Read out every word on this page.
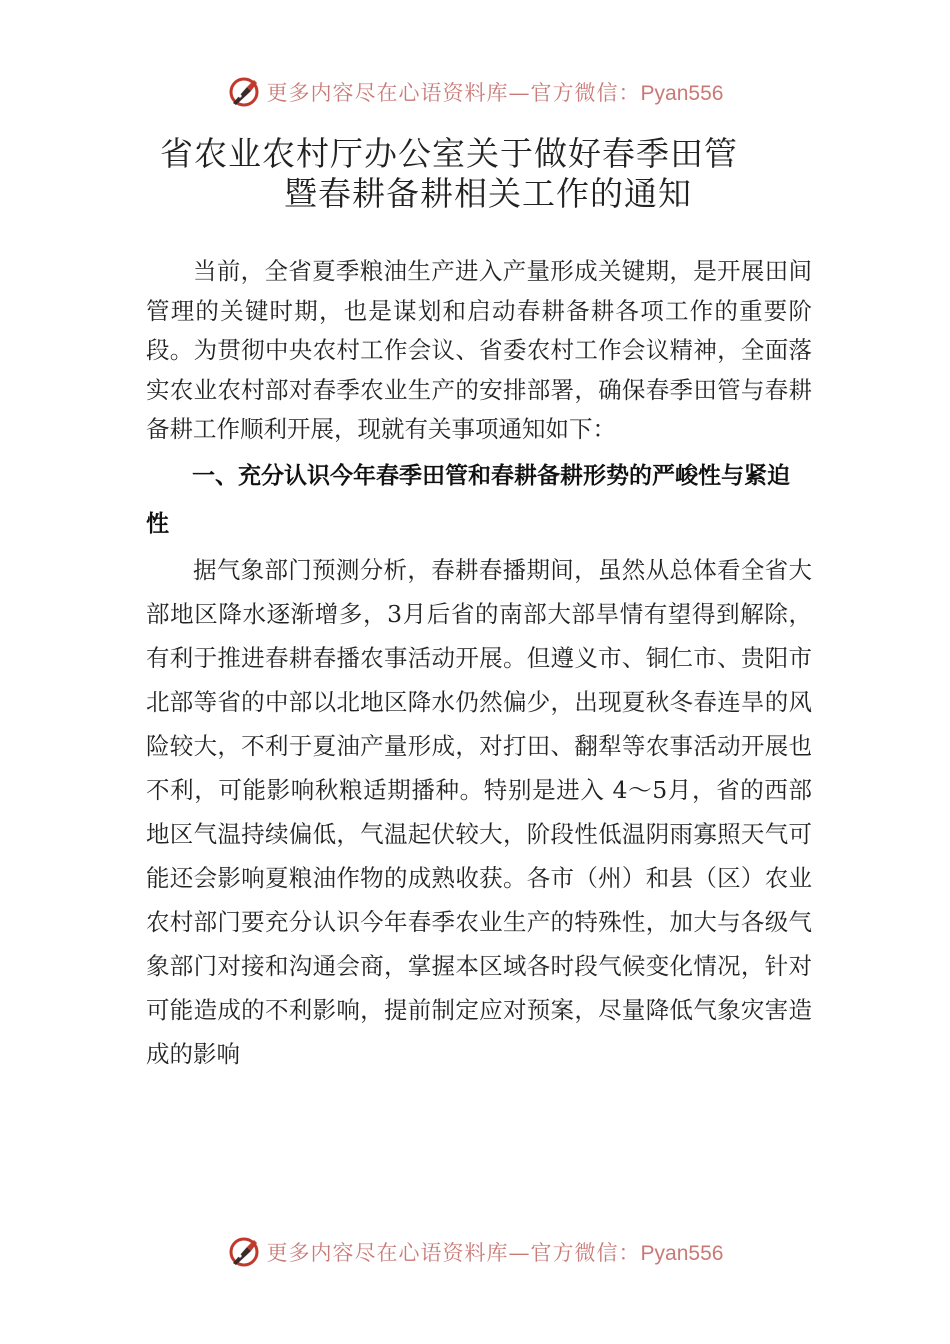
更多内容尽在心语资料库—官方微信：Pyan556
省农业农村厅办公室关于做好春季田管
暨春耕备耕相关工作的通知

当前，全省夏季粮油生产进入产量形成关键期，是开展田间管理的关键时期，也是谋划和启动春耕备耕各项工作的重要阶段。为贯彻中央农村工作会议、省委农村工作会议精神，全面落实农业农村部对春季农业生产的安排部署，确保春季田管与春耕备耕工作顺利开展，现就有关事项通知如下：

一、充分认识今年春季田管和春耕备耕形势的严峻性与紧迫性

据气象部门预测分析，春耕春播期间，虽然从总体看全省大部地区降水逐渐增多，3月后省的南部大部旱情有望得到解除，有利于推进春耕春播农事活动开展。但遵义市、铜仁市、贵阳市北部等省的中部以北地区降水仍然偏少，出现夏秋冬春连旱的风险较大，不利于夏油产量形成，对打田、翻犁等农事活动开展也不利，可能影响秋粮适期播种。特别是进入 4～5月，省的西部地区气温持续偏低，气温起伏较大，阶段性低温阴雨寡照天气可能还会影响夏粮油作物的成熟收获。各市（州）和县（区）农业农村部门要充分认识今年春季农业生产的特殊性，加大与各级气象部门对接和沟通会商，掌握本区域各时段气候变化情况，针对可能造成的不利影响，提前制定应对预案，尽量降低气象灾害造成的影响

更多内容尽在心语资料库—官方微信：Pyan556
